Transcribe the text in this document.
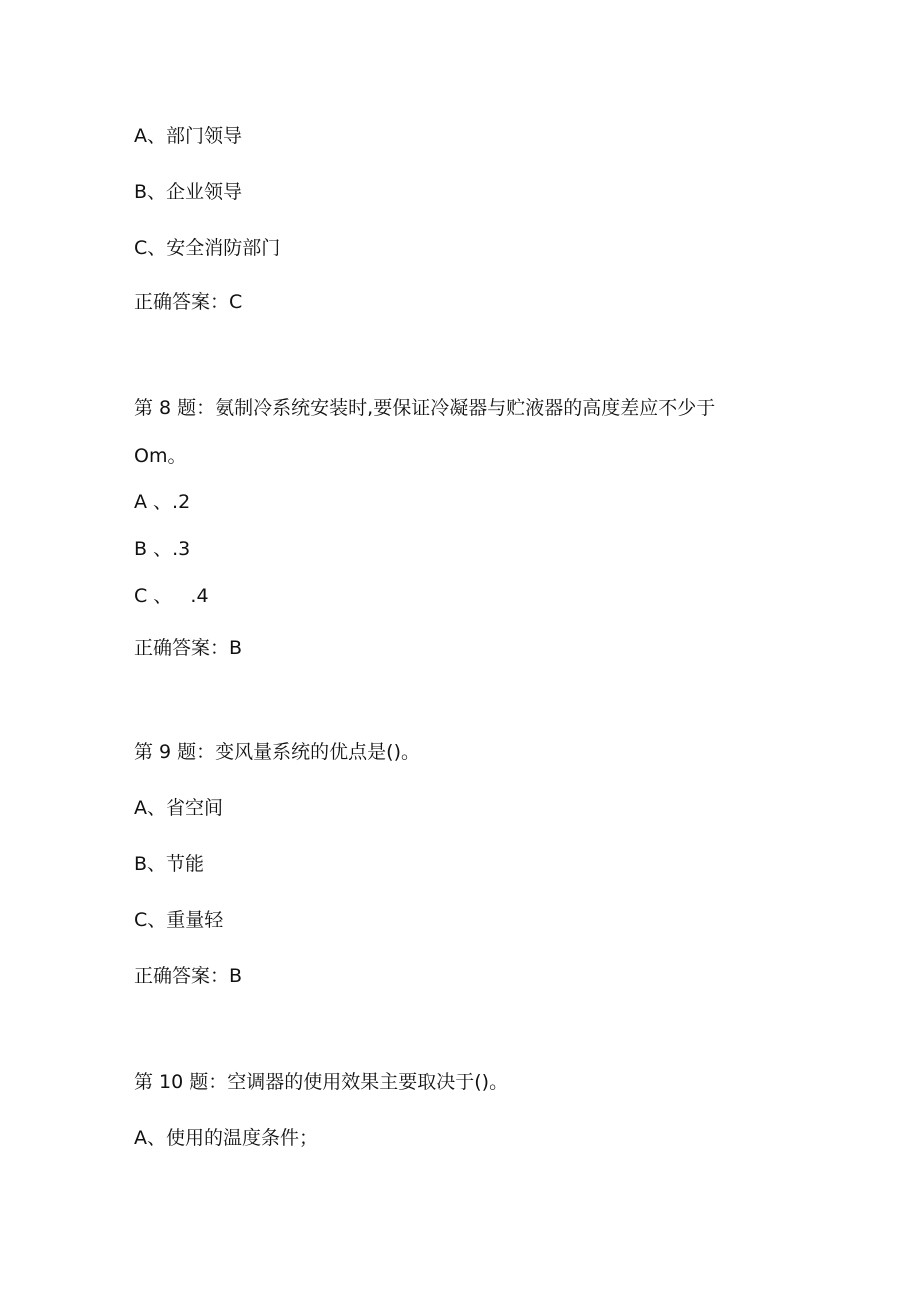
A、部门领导

B、企业领导

C、安全消防部门

正确答案：C

第 8 题：氨制冷系统安装时,要保证冷凝器与贮液器的高度差应不少于

Om。

A 、.2

B 、.3

C 、   .4

正确答案：B

第 9 题：变风量系统的优点是()。

A、省空间

B、节能

C、重量轻

正确答案：B

第 10 题：空调器的使用效果主要取决于()。

A、使用的温度条件；
